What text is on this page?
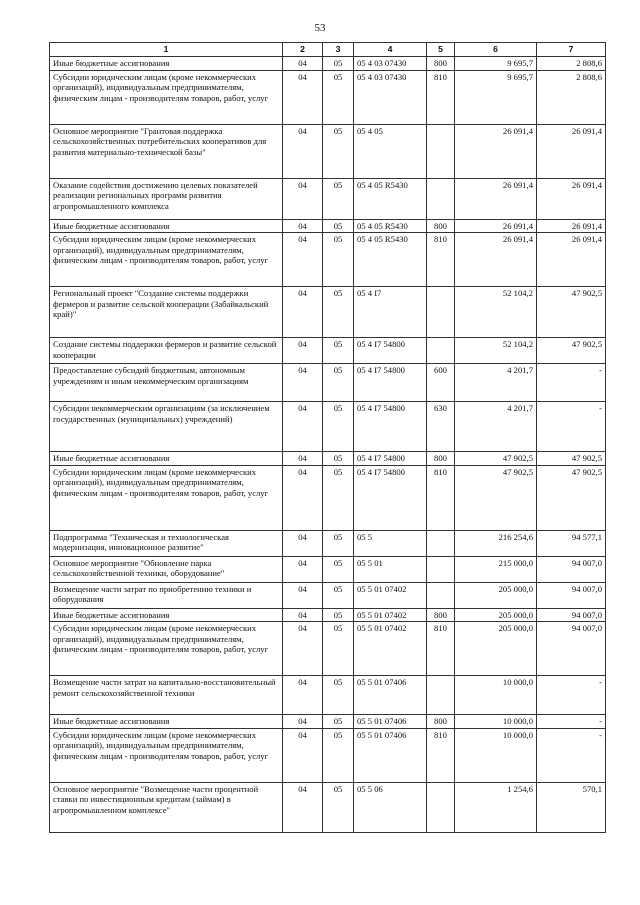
53
1	2	3	4	5	6	7
Иные бюджетные ассигнования	04	05	05 4 03 07430	800	9 695,7	2 808,6
Субсидии юридическим лицам (кроме некоммерческих организаций), индивидуальным предпринимателям, физическим лицам - производителям товаров, работ, услуг	04	05	05 4 03 07430	810	9 695,7	2 808,6
Основное мероприятие "Грантовая поддержка сельскохозяйственных потребительских кооперативов для развития материально-технической базы"	04	05	05 4 05		26 091,4	26 091,4
Оказание содействия достижению целевых показателей реализации региональных программ развития агропромышленного комплекса	04	05	05 4 05 R5430		26 091,4	26 091,4
Иные бюджетные ассигнования	04	05	05 4 05 R5430	800	26 091,4	26 091,4
Субсидии юридическим лицам (кроме некоммерческих организаций), индивидуальным предпринимателям, физическим лицам - производителям товаров, работ, услуг	04	05	05 4 05 R5430	810	26 091,4	26 091,4
Региональный проект "Создание системы поддержки фермеров и развитие сельской кооперации (Забайкальский край)"	04	05	05 4 I7		52 104,2	47 902,5
Создание системы поддержки фермеров и развитие сельской кооперации	04	05	05 4 I7 54800		52 104,2	47 902,5
Предоставление субсидий бюджетным, автономным учреждениям и иным некоммерческим организациям	04	05	05 4 I7 54800	600	4 201,7	-
Субсидии некоммерческим организациям (за исключением государственных (муниципальных) учреждений)	04	05	05 4 I7 54800	630	4 201,7	-
Иные бюджетные ассигнования	04	05	05 4 I7 54800	800	47 902,5	47 902,5
Субсидии юридическим лицам (кроме некоммерческих организаций), индивидуальным предпринимателям, физическим лицам - производителям товаров, работ, услуг	04	05	05 4 I7 54800	810	47 902,5	47 902,5
Подпрограмма "Техническая и технологическая модернизация, инновационное развитие"	04	05	05 5		216 254,6	94 577,1
Основное мероприятие "Обновление парка сельскохозяйственной техники, оборудование"	04	05	05 5 01		215 000,0	94 007,0
Возмещение части затрат по приобретению техники и оборудования	04	05	05 5 01 07402		205 000,0	94 007,0
Иные бюджетные ассигнования	04	05	05 5 01 07402	800	205 000,0	94 007,0
Субсидии юридическим лицам (кроме некоммерческих организаций), индивидуальным предпринимателям, физическим лицам - производителям товаров, работ, услуг	04	05	05 5 01 07402	810	205 000,0	94 007,0
Возмещение части затрат на капитально-восстановительный ремонт сельскохозяйственной техники	04	05	05 5 01 07406		10 000,0	-
Иные бюджетные ассигнования	04	05	05 5 01 07406	800	10 000,0	-
Субсидии юридическим лицам (кроме некоммерческих организаций), индивидуальным предпринимателям, физическим лицам - производителям товаров, работ, услуг	04	05	05 5 01 07406	810	10 000,0	-
Основное мероприятие "Возмещение части процентной ставки по инвестиционным кредитам (займам) в агропромышленном комплексе"	04	05	05 5 06		1 254,6	570,1
